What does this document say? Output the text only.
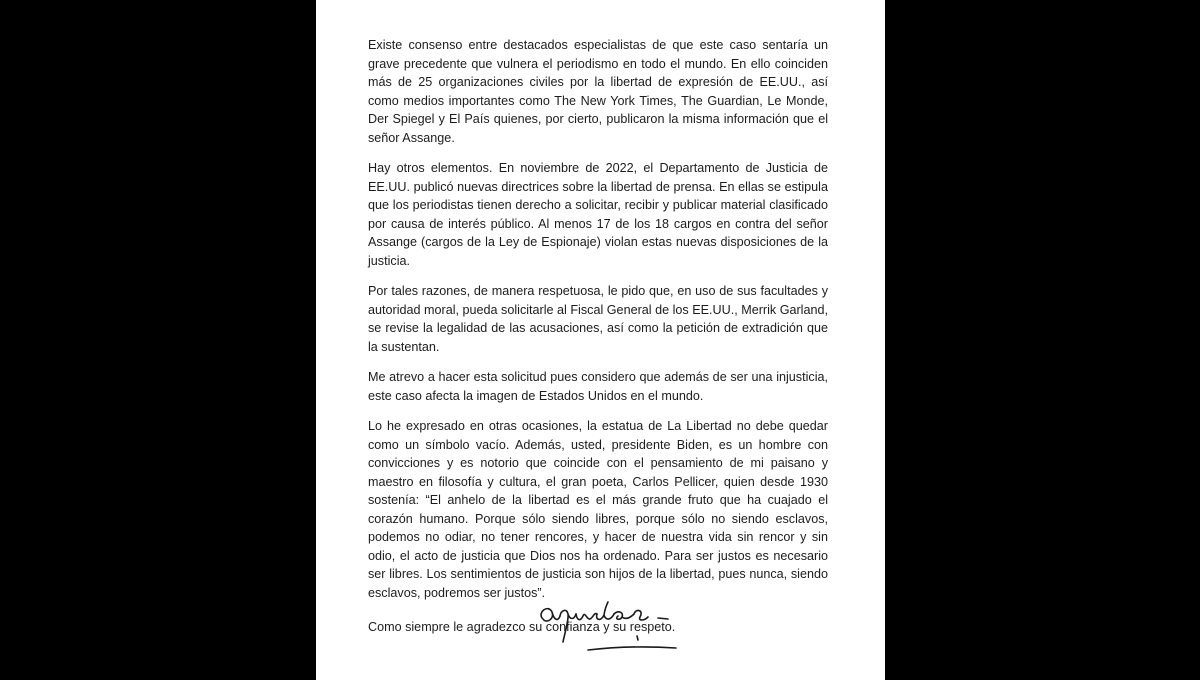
Existe consenso entre destacados especialistas de que este caso sentaría un grave precedente que vulnera el periodismo en todo el mundo. En ello coinciden más de 25 organizaciones civiles por la libertad de expresión de EE.UU., así como medios importantes como The New York Times, The Guardian, Le Monde, Der Spiegel y El País quienes, por cierto, publicaron la misma información que el señor Assange.

Hay otros elementos. En noviembre de 2022, el Departamento de Justicia de EE.UU. publicó nuevas directrices sobre la libertad de prensa. En ellas se estipula que los periodistas tienen derecho a solicitar, recibir y publicar material clasificado por causa de interés público. Al menos 17 de los 18 cargos en contra del señor Assange (cargos de la Ley de Espionaje) violan estas nuevas disposiciones de la justicia.

Por tales razones, de manera respetuosa, le pido que, en uso de sus facultades y autoridad moral, pueda solicitarle al Fiscal General de los EE.UU., Merrik Garland, se revise la legalidad de las acusaciones, así como la petición de extradición que la sustentan.

Me atrevo a hacer esta solicitud pues considero que además de ser una injusticia, este caso afecta la imagen de Estados Unidos en el mundo.

Lo he expresado en otras ocasiones, la estatua de La Libertad no debe quedar como un símbolo vacío. Además, usted, presidente Biden, es un hombre con convicciones y es notorio que coincide con el pensamiento de mi paisano y maestro en filosofía y cultura, el gran poeta, Carlos Pellicer, quien desde 1930 sostenía: “El anhelo de la libertad es el más grande fruto que ha cuajado el corazón humano. Porque sólo siendo libres, porque sólo no siendo esclavos, podemos no odiar, no tener rencores, y hacer de nuestra vida sin rencor y sin odio, el acto de justicia que Dios nos ha ordenado. Para ser justos es necesario ser libres. Los sentimientos de justicia son hijos de la libertad, pues nunca, siendo esclavos, podremos ser justos”.

Como siempre le agradezco su confianza y su respeto.
